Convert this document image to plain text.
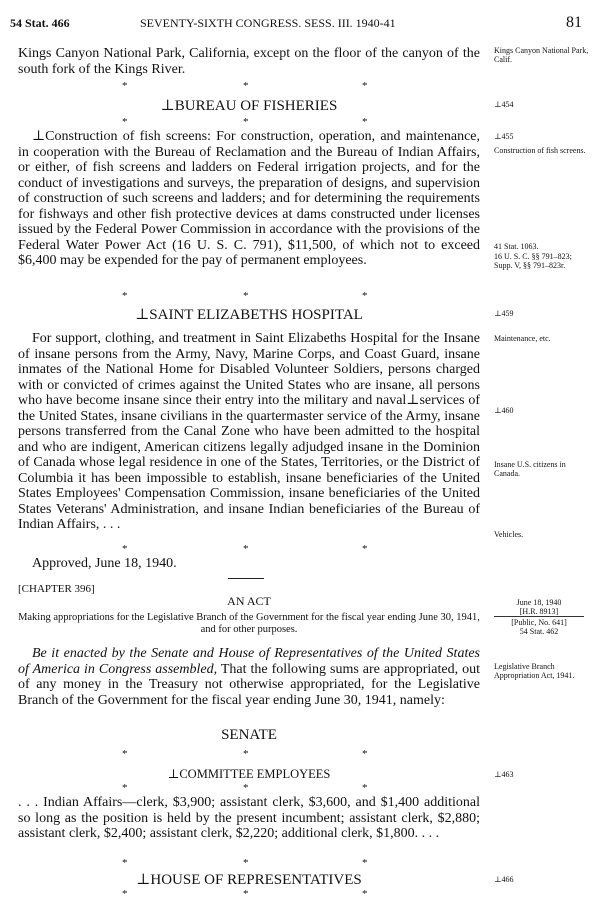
54 Stat. 466	SEVENTY-SIXTH CONGRESS. SESS. III. 1940-41	81

Kings Canyon National Park, California, except on the floor of the canyon of the south fork of the Kings River.

Kings Canyon National Park, Calif.
*	*	*
⊥BUREAU OF FISHERIES	⊥454
*	*	*

⊥Construction of fish screens: For construction, operation, and maintenance, in cooperation with the Bureau of Reclamation and the Bureau of Indian Affairs, or either, of fish screens and ladders on Federal irrigation projects, and for the conduct of investigations and surveys, the preparation of designs, and supervision of construction of such screens and ladders; and for determining the requirements for fishways and other fish protective devices at dams constructed under licenses issued by the Federal Power Commission in accordance with the provisions of the Federal Water Power Act (16 U. S. C. 791), $11,500, of which not to exceed $6,400 may be expended for the pay of permanent employees.

⊥455
Construction of fish screens.
41 Stat. 1063.
16 U. S. C. §§ 791–823; Supp. V, §§ 791–823r.
*	*	*
⊥SAINT ELIZABETHS HOSPITAL	⊥459

For support, clothing, and treatment in Saint Elizabeths Hospital for the Insane of insane persons from the Army, Navy, Marine Corps, and Coast Guard, insane inmates of the National Home for Disabled Volunteer Soldiers, persons charged with or convicted of crimes against the United States who are insane, all persons who have become insane since their entry into the military and naval⊥services of the United States, insane civilians in the quartermaster service of the Army, insane persons transferred from the Canal Zone who have been admitted to the hospital and who are indigent, American citizens legally adjudged insane in the Dominion of Canada whose legal residence in one of the States, Territories, or the District of Columbia it has been impossible to establish, insane beneficiaries of the United States Employees' Compensation Commission, insane beneficiaries of the United States Veterans' Administration, and insane Indian beneficiaries of the Bureau of Indian Affairs, . . .

Maintenance, etc.
⊥460
Insane U.S. citizens in Canada.
Vehicles.
*	*	*

Approved, June 18, 1940.

[CHAPTER 396]
AN ACT
Making appropriations for the Legislative Branch of the Government for the fiscal year ending June 30, 1941, and for other purposes.
June 18, 1940
[H.R. 8913]
[Public, No. 641]
54 Stat. 462

Be it enacted by the Senate and House of Representatives of the United States of America in Congress assembled, That the following sums are appropriated, out of any money in the Treasury not otherwise appropriated, for the Legislative Branch of the Government for the fiscal year ending June 30, 1941, namely:

Legislative Branch Appropriation Act, 1941.
SENATE
*	*	*
⊥COMMITTEE EMPLOYEES	⊥463
*	*	*

. . . Indian Affairs—clerk, $3,900; assistant clerk, $3,600, and $1,400 additional so long as the position is held by the present incumbent; assistant clerk, $2,880; assistant clerk, $2,400; assistant clerk, $2,220; additional clerk, $1,800. . . .

*	*	*
⊥HOUSE OF REPRESENTATIVES	⊥466
*	*	*
